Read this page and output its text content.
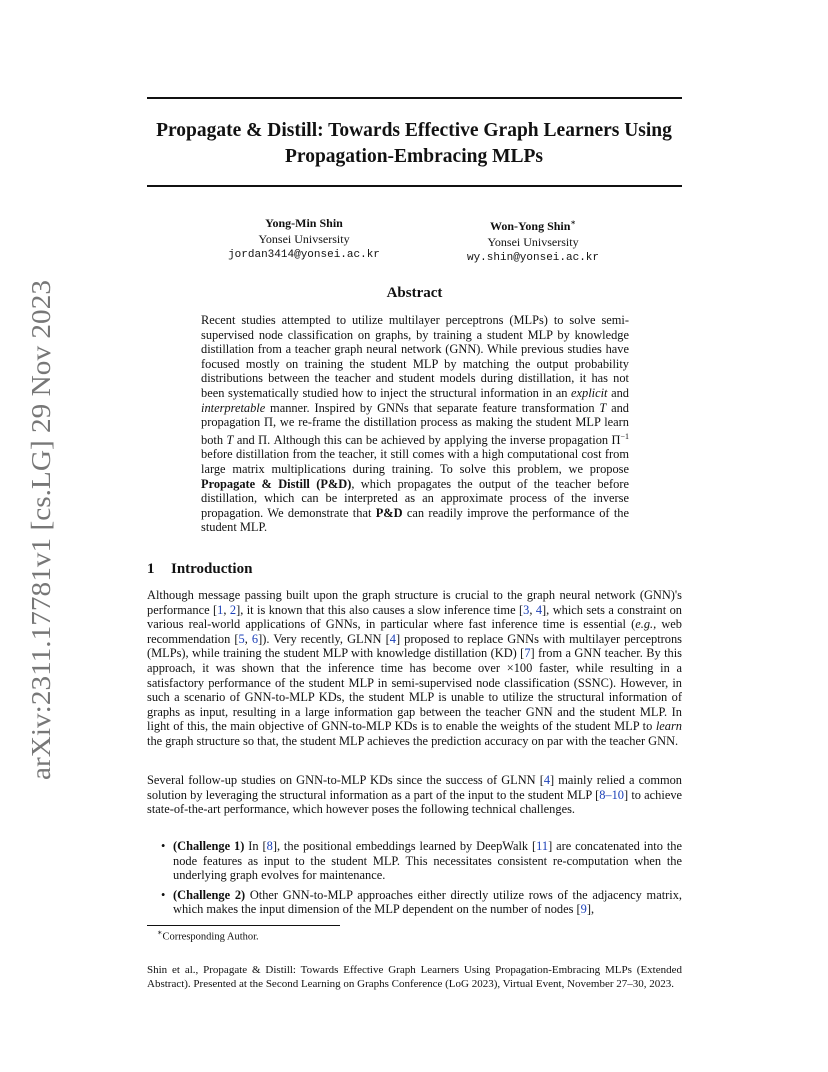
arXiv:2311.17781v1 [cs.LG] 29 Nov 2023
Propagate & Distill: Towards Effective Graph Learners Using
Propagation-Embracing MLPs
Yong-Min Shin
Yonsei Univsersity
jordan3414@yonsei.ac.kr
Won-Yong Shin∗
Yonsei Univsersity
wy.shin@yonsei.ac.kr
Abstract

Recent studies attempted to utilize multilayer perceptrons (MLPs) to solve semi-supervised node classification on graphs, by training a student MLP by knowledge distillation from a teacher graph neural network (GNN). While previous studies have focused mostly on training the student MLP by matching the output probability distributions between the teacher and student models during distillation, it has not been systematically studied how to inject the structural information in an explicit and interpretable manner. Inspired by GNNs that separate feature transformation T and propagation Π, we re-frame the distillation process as making the student MLP learn both T and Π. Although this can be achieved by applying the inverse propagation $\Pi^{-1}$ before distillation from the teacher, it still comes with a high computational cost from large matrix multiplications during training. To solve this problem, we propose Propagate & Distill (P&D), which propagates the output of the teacher before distillation, which can be interpreted as an approximate process of the inverse propagation. We demonstrate that P&D can readily improve the performance of the student MLP.

1 Introduction

Although message passing built upon the graph structure is crucial to the graph neural network (GNN)'s performance [1, 2], it is known that this also causes a slow inference time [3, 4], which sets a constraint on various real-world applications of GNNs, in particular where fast inference time is essential (e.g., web recommendation [5, 6]). Very recently, GLNN [4] proposed to replace GNNs with multilayer perceptrons (MLPs), while training the student MLP with knowledge distillation (KD) [7] from a GNN teacher. By this approach, it was shown that the inference time has become over ×100 faster, while resulting in a satisfactory performance of the student MLP in semi-supervised node classification (SSNC). However, in such a scenario of GNN-to-MLP KDs, the student MLP is unable to utilize the structural information of graphs as input, resulting in a large information gap between the teacher GNN and the student MLP. In light of this, the main objective of GNN-to-MLP KDs is to enable the weights of the student MLP to learn the graph structure so that, the student MLP achieves the prediction accuracy on par with the teacher GNN.

Several follow-up studies on GNN-to-MLP KDs since the success of GLNN [4] mainly relied a common solution by leveraging the structural information as a part of the input to the student MLP [8–10] to achieve state-of-the-art performance, which however poses the following technical challenges.

• (Challenge 1) In [8], the positional embeddings learned by DeepWalk [11] are concatenated into the node features as input to the student MLP. This necessitates consistent re-computation when the underlying graph evolves for maintenance.
• (Challenge 2) Other GNN-to-MLP approaches either directly utilize rows of the adjacency matrix, which makes the input dimension of the MLP dependent on the number of nodes [9],
∗Corresponding Author.
Shin et al., Propagate & Distill: Towards Effective Graph Learners Using Propagation-Embracing MLPs (Extended Abstract). Presented at the Second Learning on Graphs Conference (LoG 2023), Virtual Event, November 27–30, 2023.
